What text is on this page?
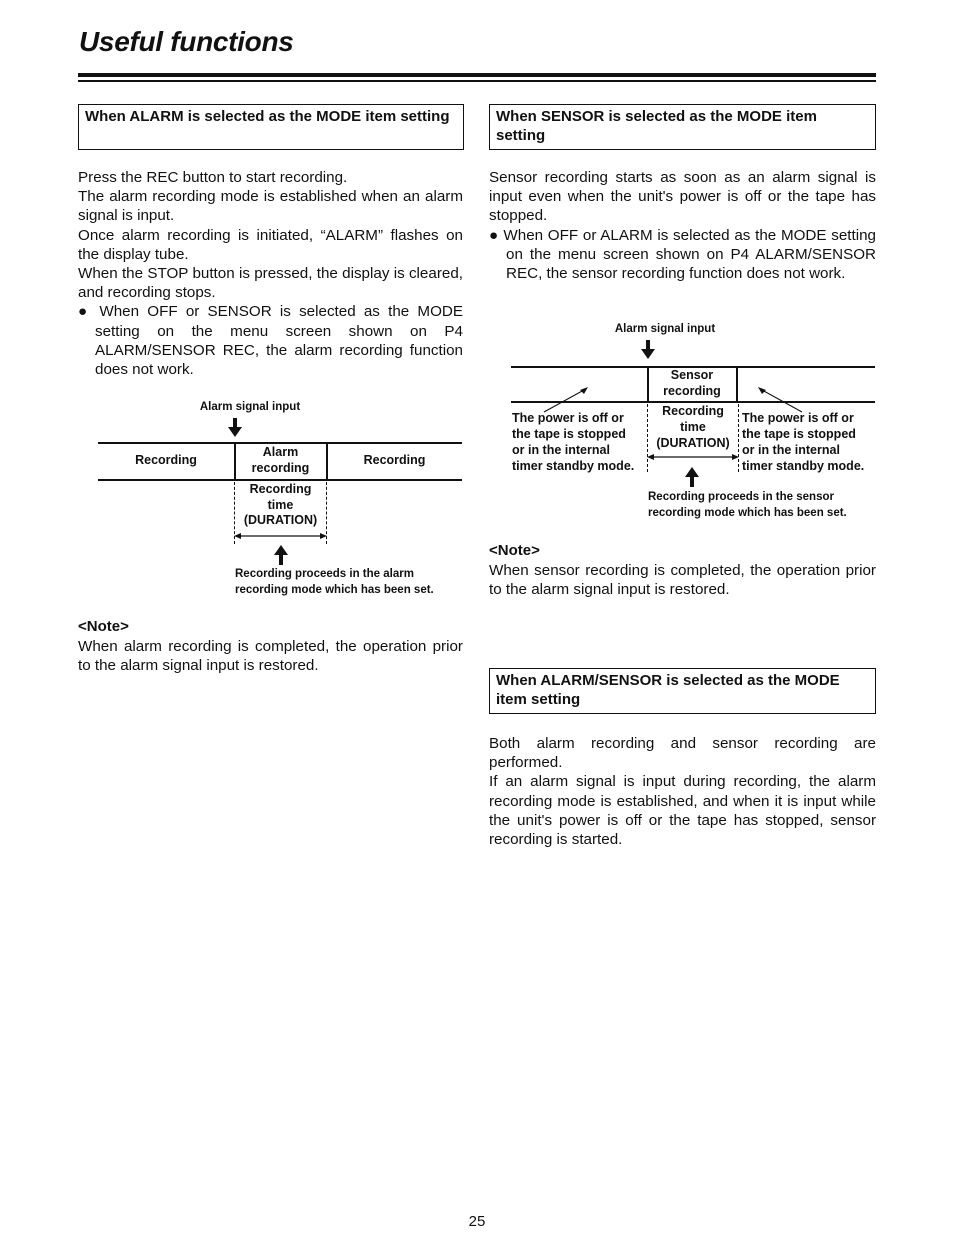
Useful functions
When ALARM is selected as the MODE item setting

Press the REC button to start recording.

The alarm recording mode is established when an alarm signal is input.

Once alarm recording is initiated, “ALARM” flashes on the display tube.

When the STOP button is pressed, the display is cleared, and recording stops.

● When OFF or SENSOR is selected as the MODE setting on the menu screen shown on P4 ALARM/SENSOR REC, the alarm recording function does not work.

Alarm signal input
Recording
Alarm
recording
Recording
Recording
time
(DURATION)
Recording proceeds in the alarm
recording mode which has been set.
<Note>
When alarm recording is completed, the operation prior to the alarm signal input is restored.
When SENSOR is selected as the MODE item setting

Sensor recording starts as soon as an alarm signal is input even when the unit's power is off or the tape has stopped.

● When OFF or ALARM is selected as the MODE setting on the menu screen shown on P4 ALARM/SENSOR REC, the sensor recording function does not work.

Alarm signal input
Sensor
recording
The power is off or
the tape is stopped
or in the internal
timer standby mode.
Recording
time
(DURATION)
The power is off or
the tape is stopped
or in the internal
timer standby mode.
Recording proceeds in the sensor
recording mode which has been set.
<Note>
When sensor recording is completed, the operation prior to the alarm signal input is restored.
When ALARM/SENSOR is selected as the MODE item setting

Both alarm recording and sensor recording are performed.

If an alarm signal is input during recording, the alarm recording mode is established, and when it is input while the unit's power is off or the tape has stopped, sensor recording is started.

25
